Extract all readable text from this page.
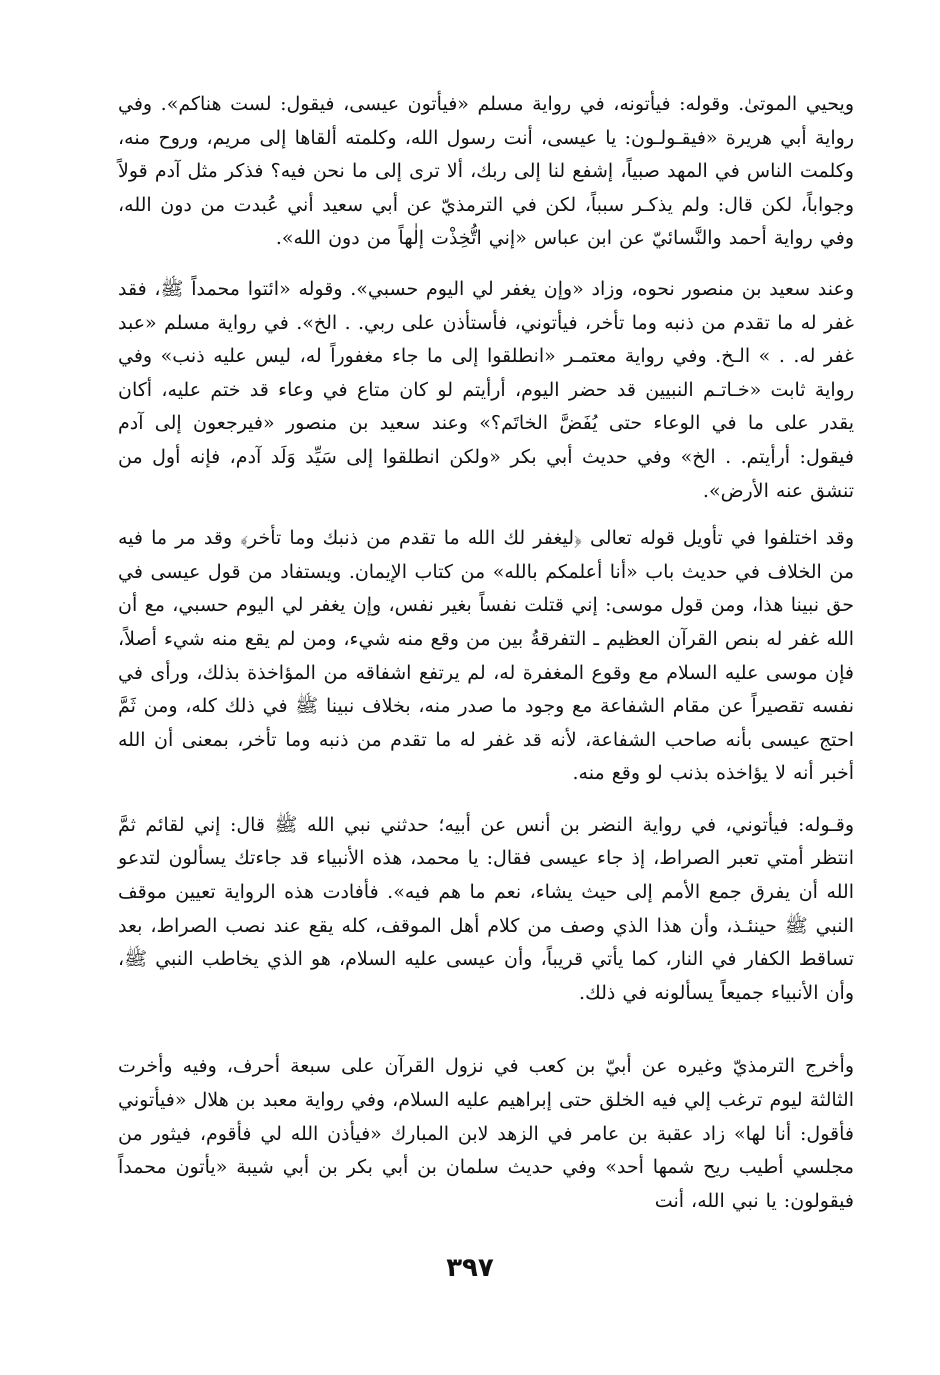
ويحيي الموتىٰ. وقوله: فيأتونه، في رواية مسلم «فيأتون عيسى، فيقول: لست هناكم». وفي رواية أبي هريرة «فيقـولـون: يا عيسى، أنت رسول الله، وكلمته ألقاها إلى مريم، وروح منه، وكلمت الناس في المهد صبياً، إشفع لنا إلى ربك، ألا ترى إلى ما نحن فيه؟ فذكر مثل آدم قولاً وجواباً، لكن قال: ولم يذكـر سبباً، لكن في الترمذيّ عن أبي سعيد أني عُبدت من دون الله، وفي رواية أحمد والنَّسائيّ عن ابن عباس «إني اتُّخِذْت إلٰهاً من دون الله».

وعند سعيد بن منصور نحوه، وزاد «وإن يغفر لي اليوم حسبي». وقوله «ائتوا محمداً ﷺ، فقد غفر له ما تقدم من ذنبه وما تأخر، فيأتوني، فأستأذن على ربي. . الخ». في رواية مسلم «عبد غفر له. . » الـخ. وفي رواية معتمـر «انطلقوا إلى ما جاء مغفوراً له، ليس عليه ذنب» وفي رواية ثابت «خـاتـم النبيين قد حضر اليوم، أرأيتم لو كان متاع في وعاء قد ختم عليه، أكان يقدر على ما في الوعاء حتى يُفَضَّ الخاتَم؟» وعند سعيد بن منصور «فيرجعون إلى آدم فيقول: أرأيتم. . الخ» وفي حديث أبي بكر «ولكن انطلقوا إلى سَيِّد وَلَد آدم، فإنه أول من تنشق عنه الأرض».

وقد اختلفوا في تأويل قوله تعالى ﴿ليغفر لك الله ما تقدم من ذنبك وما تأخر﴾ وقد مر ما فيه من الخلاف في حديث باب «أنا أعلمكم بالله» من كتاب الإيمان. ويستفاد من قول عيسى في حق نبينا هذا، ومن قول موسى: إني قتلت نفساً بغير نفس، وإن يغفر لي اليوم حسبي، مع أن الله غفر له بنص القرآن العظيم ـ التفرقةُ بين من وقع منه شيء، ومن لم يقع منه شيء أصلاً، فإن موسى عليه السلام مع وقوع المغفرة له، لم يرتفع اشفاقه من المؤاخذة بذلك، ورأى في نفسه تقصيراً عن مقام الشفاعة مع وجود ما صدر منه، بخلاف نبينا ﷺ في ذلك كله، ومن ثَمَّ احتج عيسى بأنه صاحب الشفاعة، لأنه قد غفر له ما تقدم من ذنبه وما تأخر، بمعنى أن الله أخبر أنه لا يؤاخذه بذنب لو وقع منه.

وقـوله: فيأتوني، في رواية النضر بن أنس عن أبيه؛ حدثني نبي الله ﷺ قال: إني لقائم ثمَّ انتظر أمتي تعبر الصراط، إذ جاء عيسى فقال: يا محمد، هذه الأنبياء قد جاءتك يسألون لتدعو الله أن يفرق جمع الأمم إلى حيث يشاء، نعم ما هم فيه». فأفادت هذه الرواية تعيين موقف النبي ﷺ حينئـذ، وأن هذا الذي وصف من كلام أهل الموقف، كله يقع عند نصب الصراط، بعد تساقط الكفار في النار، كما يأتي قريباً، وأن عيسى عليه السلام، هو الذي يخاطب النبي ﷺ، وأن الأنبياء جميعاً يسألونه في ذلك.

وأخرج الترمذيّ وغيره عن أبيّ بن كعب في نزول القرآن على سبعة أحرف، وفيه وأخرت الثالثة ليوم ترغب إلي فيه الخلق حتى إبراهيم عليه السلام، وفي رواية معبد بن هلال «فيأتوني فأقول: أنا لها» زاد عقبة بن عامر في الزهد لابن المبارك «فيأذن الله لي فأقوم، فيثور من مجلسي أطيب ريح شمها أحد» وفي حديث سلمان بن أبي بكر بن أبي شيبة «يأتون محمداً فيقولون: يا نبي الله، أنت

٣٩٧
